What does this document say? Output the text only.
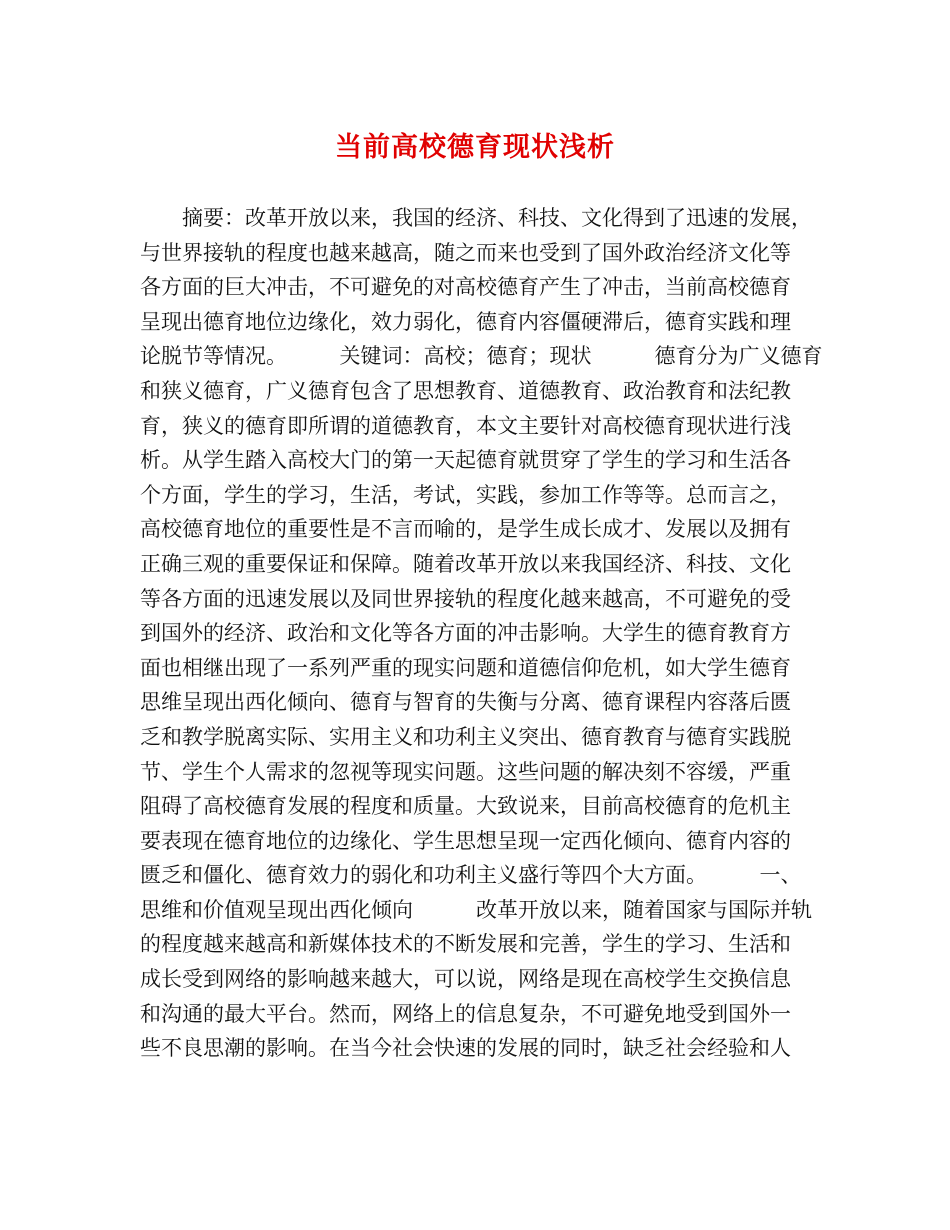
当前高校德育现状浅析
摘要：改革开放以来，我国的经济、科技、文化得到了迅速的发展，
与世界接轨的程度也越来越高，随之而来也受到了国外政治经济文化等
各方面的巨大冲击，不可避免的对高校德育产生了冲击，当前高校德育
呈现出德育地位边缘化，效力弱化，德育内容僵硬滞后，德育实践和理
论脱节等情况。　　　关键词：高校；德育；现状　　　德育分为广义德育
和狭义德育，广义德育包含了思想教育、道德教育、政治教育和法纪教
育，狭义的德育即所谓的道德教育，本文主要针对高校德育现状进行浅
析。从学生踏入高校大门的第一天起德育就贯穿了学生的学习和生活各
个方面，学生的学习，生活，考试，实践，参加工作等等。总而言之，
高校德育地位的重要性是不言而喻的，是学生成长成才、发展以及拥有
正确三观的重要保证和保障。随着改革开放以来我国经济、科技、文化
等各方面的迅速发展以及同世界接轨的程度化越来越高，不可避免的受
到国外的经济、政治和文化等各方面的冲击影响。大学生的德育教育方
面也相继出现了一系列严重的现实问题和道德信仰危机，如大学生德育
思维呈现出西化倾向、德育与智育的失衡与分离、德育课程内容落后匮
乏和教学脱离实际、实用主义和功利主义突出、德育教育与德育实践脱
节、学生个人需求的忽视等现实问题。这些问题的解决刻不容缓，严重
阻碍了高校德育发展的程度和质量。大致说来，目前高校德育的危机主
要表现在德育地位的边缘化、学生思想呈现一定西化倾向、德育内容的
匮乏和僵化、德育效力的弱化和功利主义盛行等四个大方面。　　　一、
思维和价值观呈现出西化倾向　　　改革开放以来，随着国家与国际并轨
的程度越来越高和新媒体技术的不断发展和完善，学生的学习、生活和
成长受到网络的影响越来越大，可以说，网络是现在高校学生交换信息
和沟通的最大平台。然而，网络上的信息复杂，不可避免地受到国外一
些不良思潮的影响。在当今社会快速的发展的同时，缺乏社会经验和人
